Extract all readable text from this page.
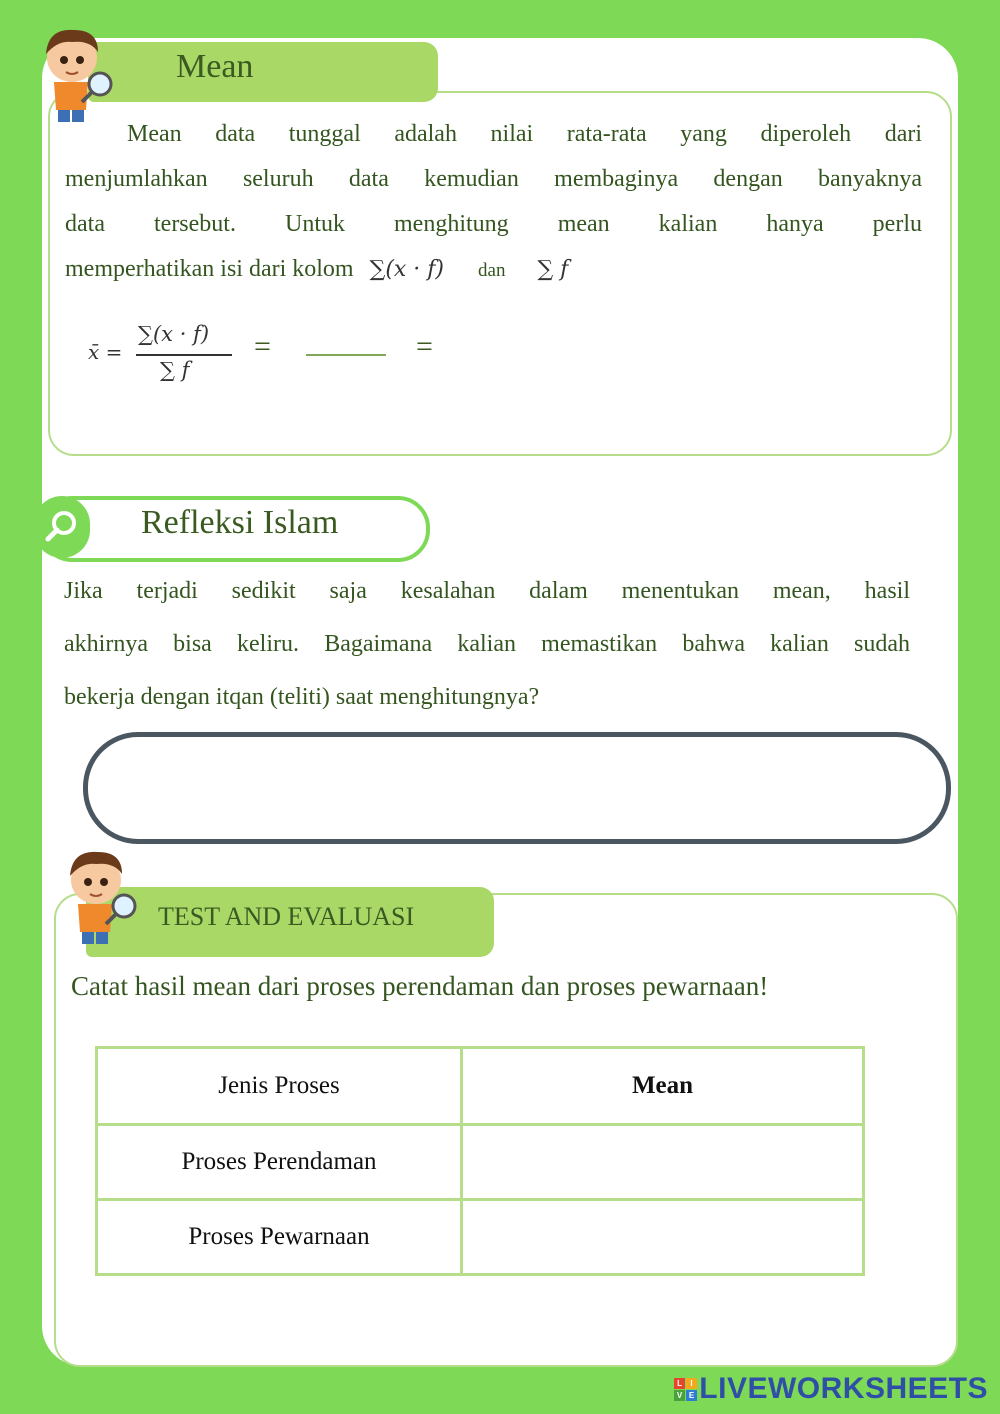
Mean
Mean data tunggal adalah nilai rata-rata yang diperoleh dari
menjumlahkan seluruh data kemudian membaginya dengan banyaknya
data tersebut. Untuk menghitung mean kalian hanya perlu
memperhatikan isi dari kolom ∑(x · f) dan ∑ f
x̄ =
∑(x · f)
∑ f
=	=
Refleksi Islam
Jika terjadi sedikit saja kesalahan dalam menentukan mean, hasil
akhirnya bisa keliru. Bagaimana kalian memastikan bahwa kalian sudah
bekerja dengan itqan (teliti) saat menghitungnya?
TEST AND EVALUASI
Catat hasil mean dari proses perendaman dan proses pewarnaan!
Jenis Proses	Mean
Proses Perendaman	
Proses Pewarnaan	
L I
V E LIVEWORKSHEETS
